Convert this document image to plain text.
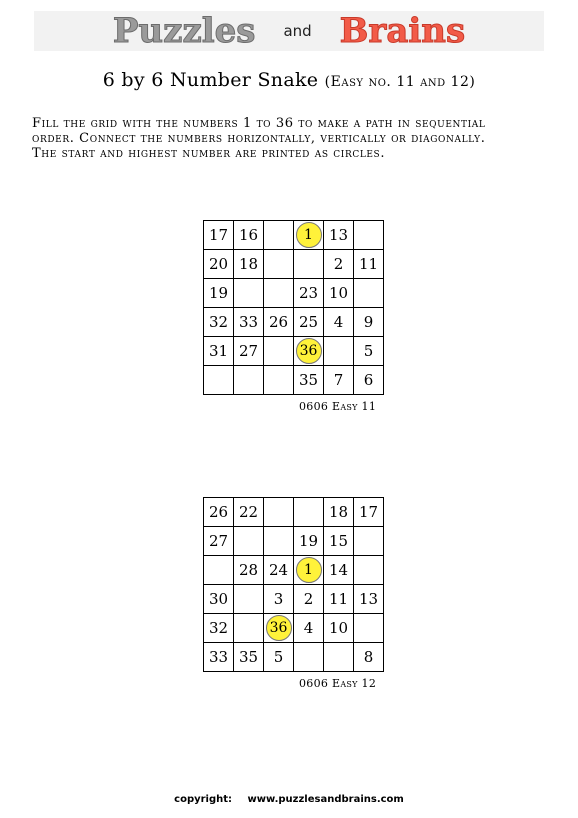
Puzzles and Brains
6 by 6 Number Snake (Easy no. 11 and 12)
Fill the grid with the numbers 1 to 36 to make a path in sequential
order. Connect the numbers horizontally, vertically or diagonally.
The start and highest number are printed as circles.
17	16		1	13	
20	18			2	11
19			23	10	
32	33	26	25	4	9
31	27		36		5
			35	7	6
0606 Easy 11
26	22			18	17
27			19	15	
	28	24	1	14	
30		3	2	11	13
32		36	4	10	
33	35	5			8
0606 Easy 12
copyright: www.puzzlesandbrains.com
